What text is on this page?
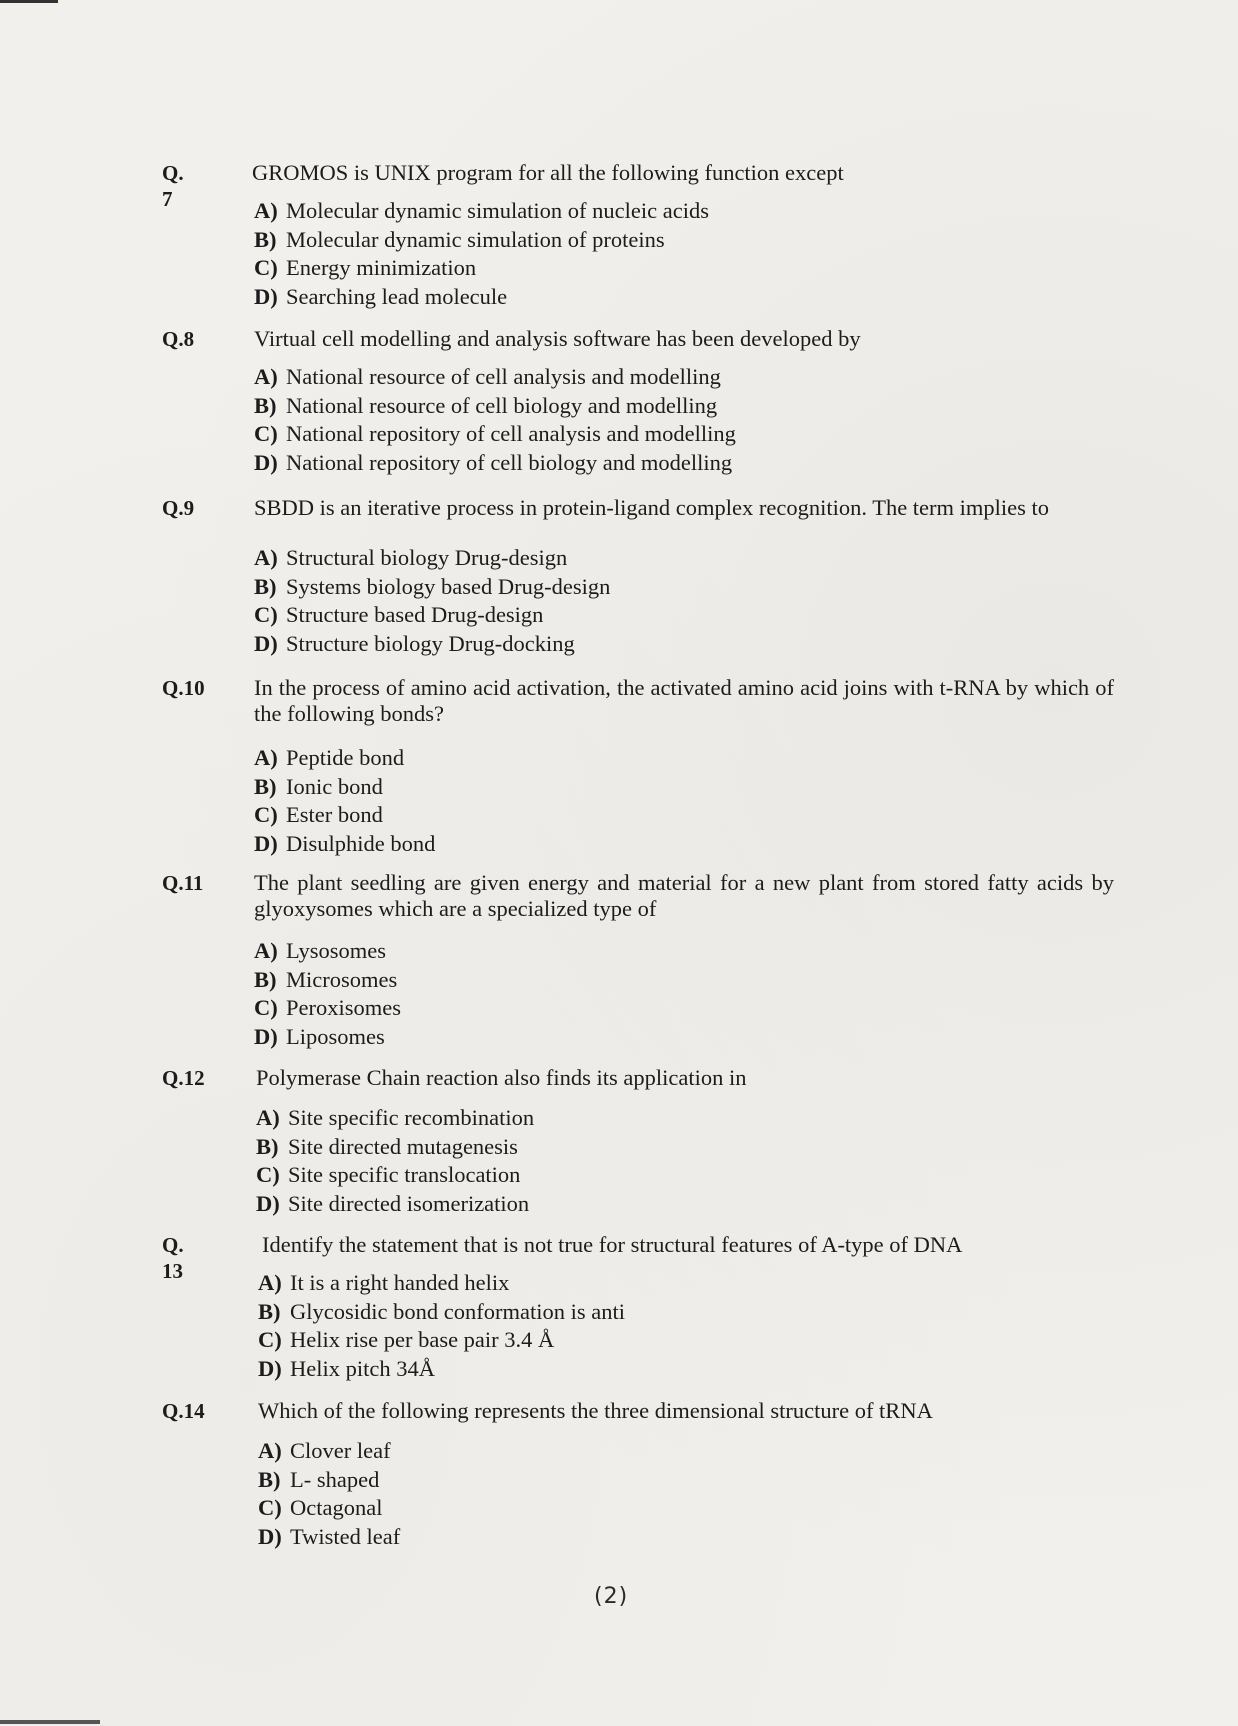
Q. 7
GROMOS is UNIX program for all the following function except
A) Molecular dynamic simulation of nucleic acids
B) Molecular dynamic simulation of proteins
C) Energy minimization
D) Searching lead molecule
Q.8	Virtual cell modelling and analysis software has been developed by
A) National resource of cell analysis and modelling
B) National resource of cell biology and modelling
C) National repository of cell analysis and modelling
D) National repository of cell biology and modelling
Q.9	SBDD is an iterative process in protein-ligand complex recognition. The term implies to
A) Structural biology Drug-design
B) Systems biology based Drug-design
C) Structure based Drug-design
D) Structure biology Drug-docking
Q.10 In the process of amino acid activation, the activated amino acid joins with t-RNA by which of the following bonds?
A) Peptide bond
B) Ionic bond
C) Ester bond
D) Disulphide bond
Q.11 The plant seedling are given energy and material for a new plant from stored fatty acids by glyoxysomes which are a specialized type of
A) Lysosomes
B) Microsomes
C) Peroxisomes
D) Liposomes
Q.12 Polymerase Chain reaction also finds its application in
A) Site specific recombination
B) Site directed mutagenesis
C) Site specific translocation
D) Site directed isomerization
Q. 13
Identify the statement that is not true for structural features of A-type of DNA
A) It is a right handed helix
B) Glycosidic bond conformation is anti
C) Helix rise per base pair 3.4 Å
D) Helix pitch 34Å
Q.14 Which of the following represents the three dimensional structure of tRNA
A) Clover leaf
B) L- shaped
C) Octagonal
D) Twisted leaf
(2)
